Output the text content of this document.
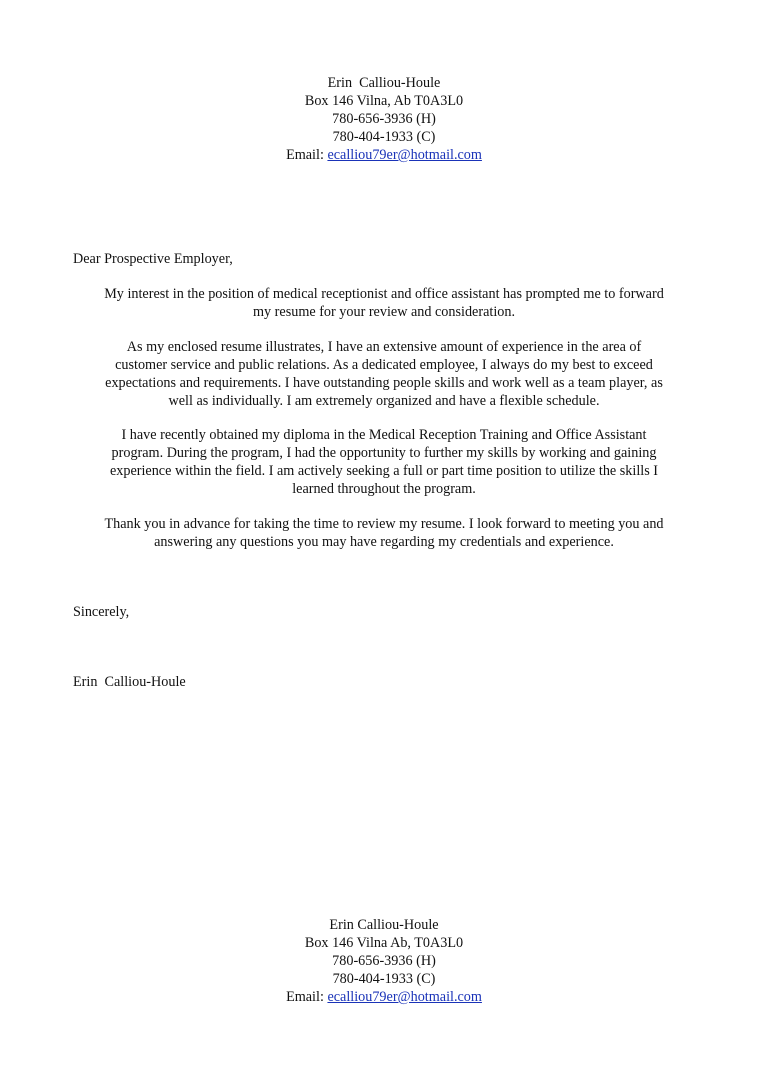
Erin  Calliou-Houle
Box 146 Vilna, Ab T0A3L0
780-656-3936 (H)
780-404-1933 (C)
Email: ecalliou79er@hotmail.com
Dear Prospective Employer,
My interest in the position of medical receptionist and office assistant has prompted me to forward
my resume for your review and consideration.
As my enclosed resume illustrates, I have an extensive amount of experience in the area of
customer service and public relations. As a dedicated employee, I always do my best to exceed
expectations and requirements. I have outstanding people skills and work well as a team player, as
well as individually. I am extremely organized and have a flexible schedule.
I have recently obtained my diploma in the Medical Reception Training and Office Assistant
program. During the program, I had the opportunity to further my skills by working and gaining
experience within the field. I am actively seeking a full or part time position to utilize the skills I
learned throughout the program.
Thank you in advance for taking the time to review my resume. I look forward to meeting you and
answering any questions you may have regarding my credentials and experience.
Sincerely,
Erin  Calliou-Houle
Erin Calliou-Houle
Box 146 Vilna Ab, T0A3L0
780-656-3936 (H)
780-404-1933 (C)
Email: ecalliou79er@hotmail.com
